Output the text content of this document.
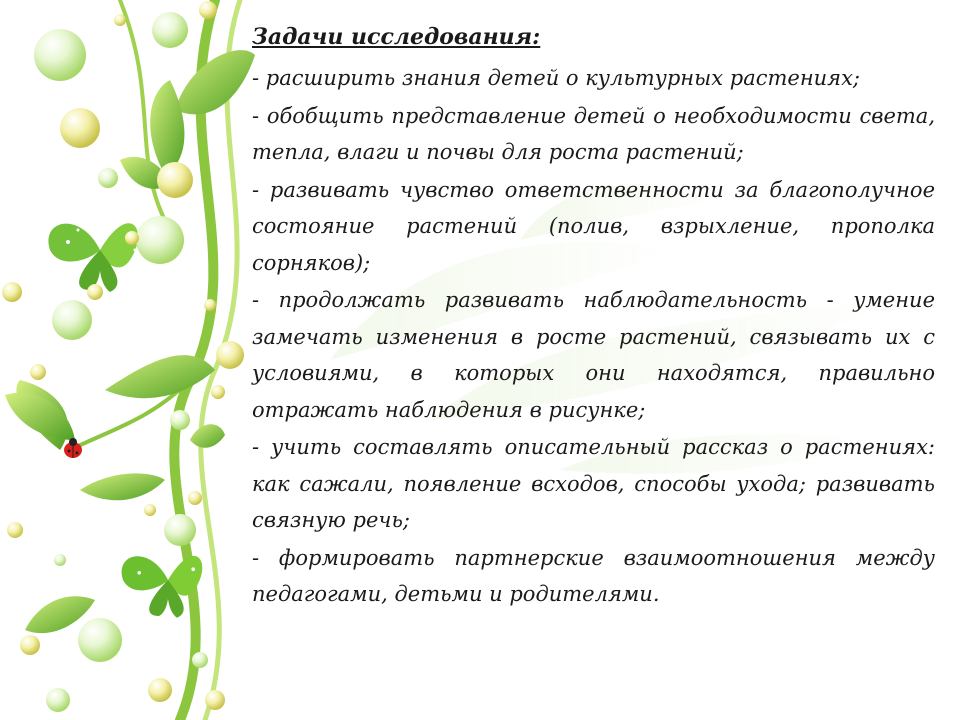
Задачи исследования:
- расширить знания детей о культурных растениях;
- обобщить представление детей о необходимости света, тепла, влаги и почвы для роста растений;
- развивать чувство ответственности за благополучное состояние растений (полив, взрыхление, прополка сорняков);
- продолжать развивать наблюдательность - умение замечать изменения в росте растений, связывать их с условиями, в которых они находятся, правильно отражать наблюдения в рисунке;
- учить составлять описательный рассказ о растениях: как сажали, появление всходов, способы ухода; развивать связную речь;
- формировать партнерские взаимоотношения между педагогами, детьми и родителями.
